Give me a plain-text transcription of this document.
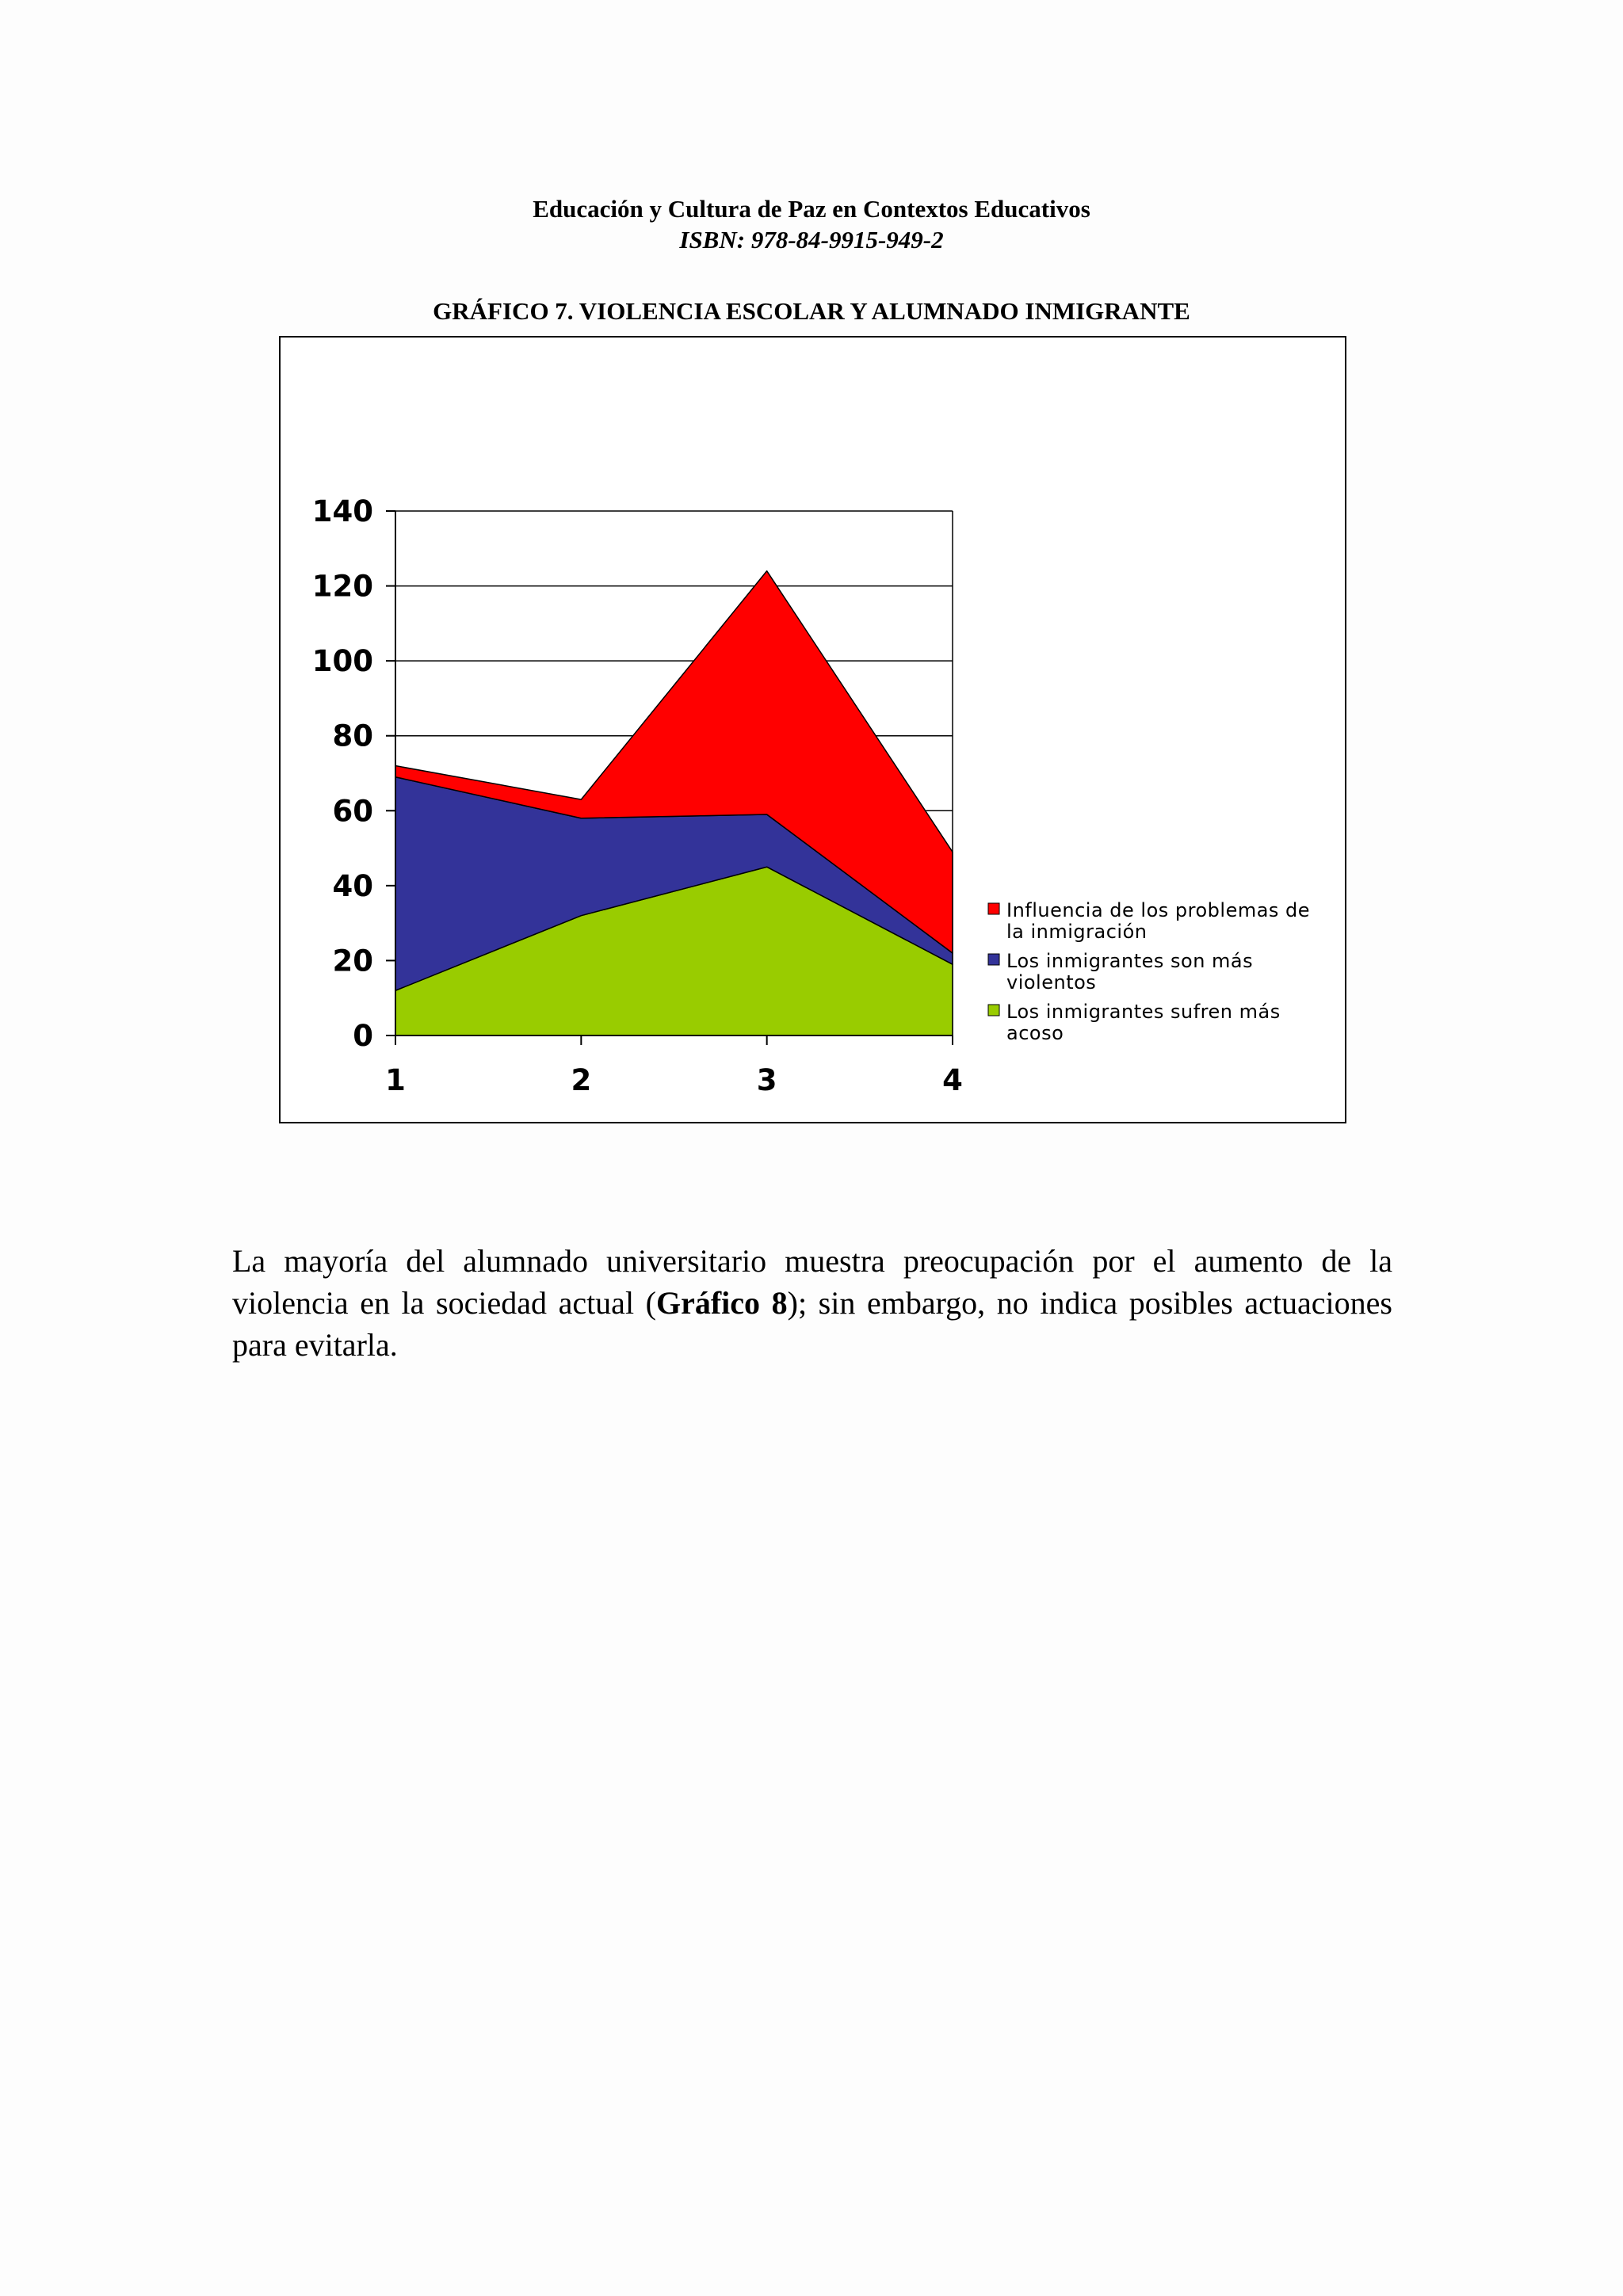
Educación y Cultura de Paz en Contextos Educativos
ISBN: 978-84-9915-949-2
GRÁFICO 7. VIOLENCIA ESCOLAR Y ALUMNADO INMIGRANTE
0
20
40
60
80
100
120
140
1	2	3	4
Influencia de los problemas de
la inmigración
Los inmigrantes son más
violentos
Los inmigrantes sufren más
acoso

La mayoría del alumnado universitario muestra preocupación por el aumento de la violencia en la sociedad actual (Gráfico 8); sin embargo, no indica posibles actuaciones para evitarla.
